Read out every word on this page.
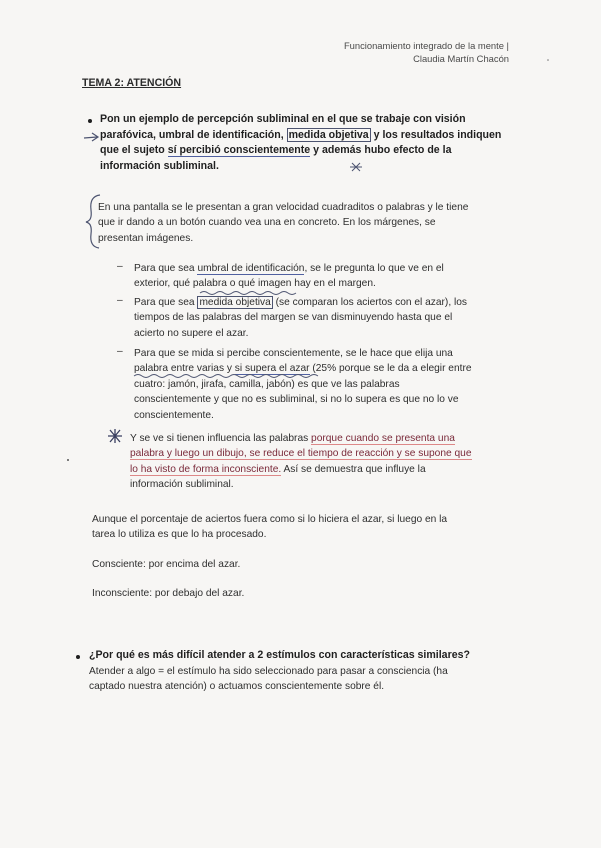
Funcionamiento integrado de la mente |
Claudia Martín Chacón
TEMA 2: ATENCIÓN
Pon un ejemplo de percepción subliminal en el que se trabaje con visión
parafóvica, umbral de identificación, medida objetiva y los resultados indiquen
que el sujeto sí percibió conscientemente y además hubo efecto de la
información subliminal.
En una pantalla se le presentan a gran velocidad cuadraditos o palabras y le tiene
que ir dando a un botón cuando vea una en concreto. En los márgenes, se
presentan imágenes.
– Para que sea umbral de identificación, se le pregunta lo que ve en el
exterior, qué palabra o qué imagen hay en el margen.
– Para que sea medida objetiva (se comparan los aciertos con el azar), los
tiempos de las palabras del margen se van disminuyendo hasta que el
acierto no supere el azar.
– Para que se mida si percibe conscientemente, se le hace que elija una
palabra entre varias y si supera el azar (25% porque se le da a elegir entre
cuatro: jamón, jirafa, camilla, jabón) es que ve las palabras
conscientemente y que no es subliminal, si no lo supera es que no lo ve
conscientemente.
Y se ve si tienen influencia las palabras porque cuando se presenta una
palabra y luego un dibujo, se reduce el tiempo de reacción y se supone que
lo ha visto de forma inconsciente. Así se demuestra que influye la
información subliminal.
Aunque el porcentaje de aciertos fuera como si lo hiciera el azar, si luego en la
tarea lo utiliza es que lo ha procesado.
Consciente: por encima del azar.
Inconsciente: por debajo del azar.
¿Por qué es más difícil atender a 2 estímulos con características similares?
Atender a algo = el estímulo ha sido seleccionado para pasar a consciencia (ha
captado nuestra atención) o actuamos conscientemente sobre él.
